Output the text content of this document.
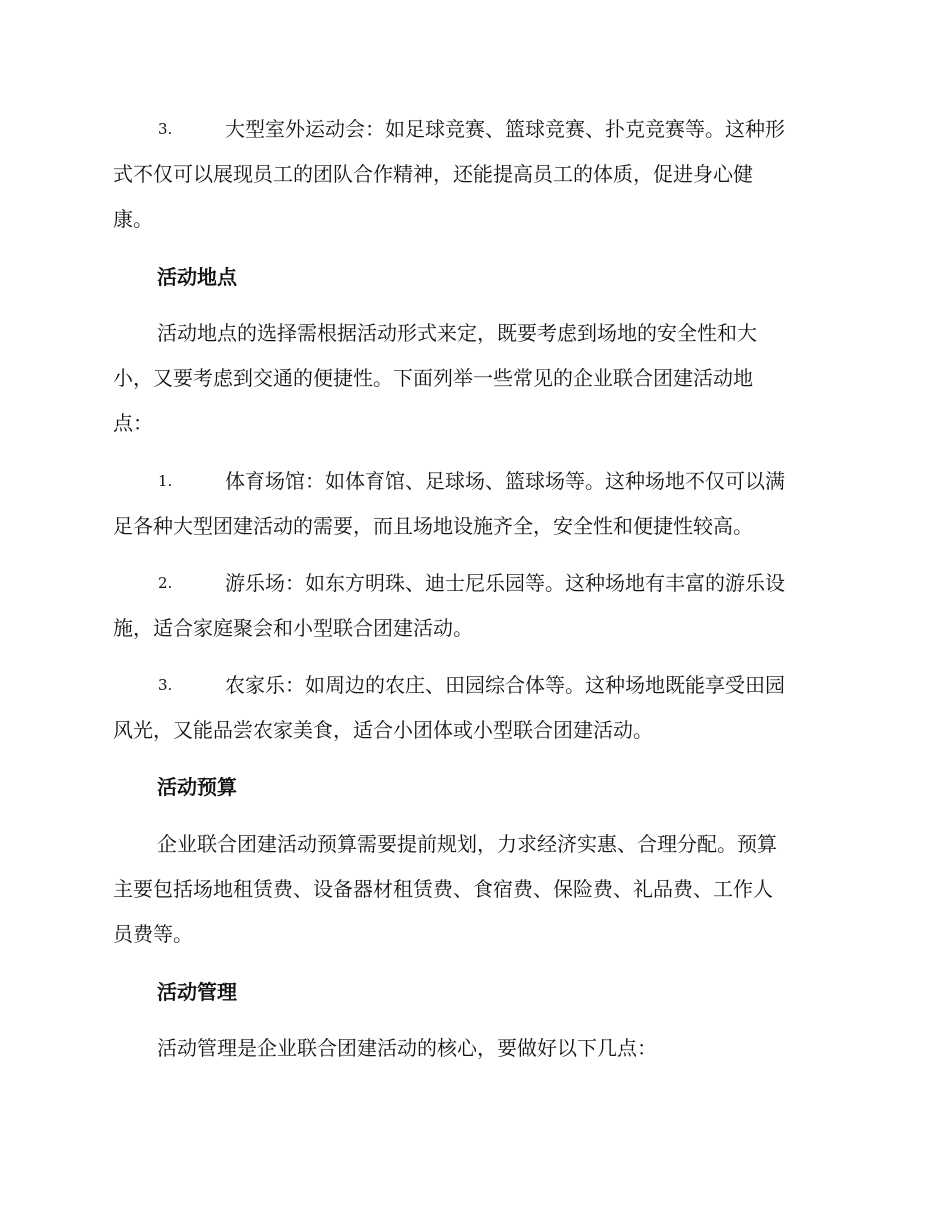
3.	大型室外运动会：如足球竞赛、篮球竞赛、扑克竞赛等。这种形
式不仅可以展现员工的团队合作精神，还能提高员工的体质，促进身心健
康。
活动地点
活动地点的选择需根据活动形式来定，既要考虑到场地的安全性和大
小，又要考虑到交通的便捷性。下面列举一些常见的企业联合团建活动地
点：
1.	体育场馆：如体育馆、足球场、篮球场等。这种场地不仅可以满
足各种大型团建活动的需要，而且场地设施齐全，安全性和便捷性较高。
2.	游乐场：如东方明珠、迪士尼乐园等。这种场地有丰富的游乐设
施，适合家庭聚会和小型联合团建活动。
3.	农家乐：如周边的农庄、田园综合体等。这种场地既能享受田园
风光，又能品尝农家美食，适合小团体或小型联合团建活动。
活动预算
企业联合团建活动预算需要提前规划，力求经济实惠、合理分配。预算
主要包括场地租赁费、设备器材租赁费、食宿费、保险费、礼品费、工作人
员费等。
活动管理
活动管理是企业联合团建活动的核心，要做好以下几点：
